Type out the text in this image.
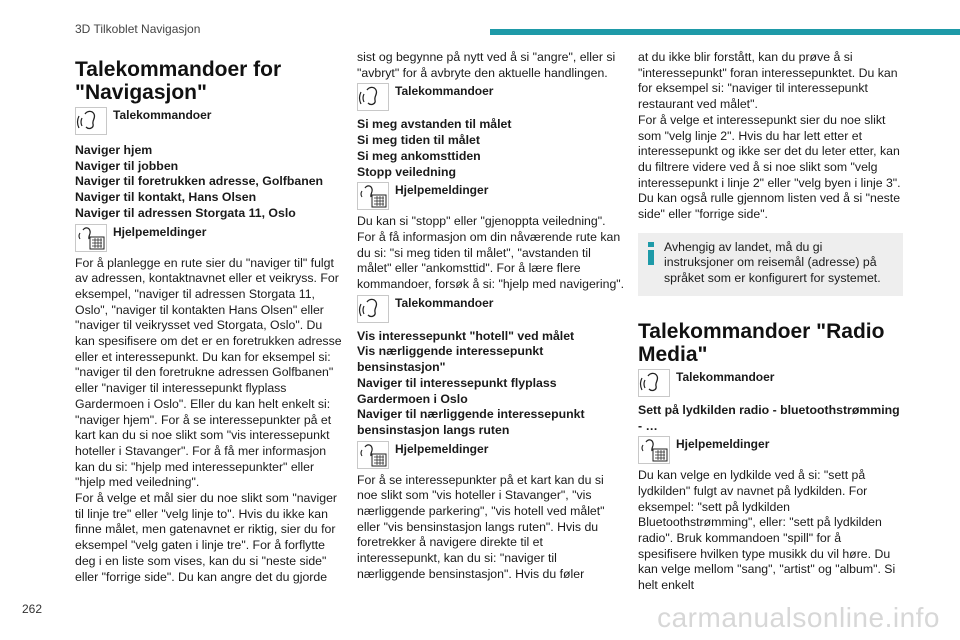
3D Tilkoblet Navigasjon
Talekommandoer for "Navigasjon"
Talekommandoer

Naviger hjem

Naviger til jobben

Naviger til foretrukken adresse, Golfbanen

Naviger til kontakt, Hans Olsen

Naviger til adressen Storgata 11, Oslo

Hjelpemeldinger

For å planlegge en rute sier du "naviger til" fulgt av adressen, kontaktnavnet eller et veikryss. For eksempel, "naviger til adressen Storgata 11, Oslo", "naviger til kontakten Hans Olsen" eller "naviger til veikrysset ved Storgata, Oslo". Du kan spesifisere om det er en foretrukken adresse eller et interessepunkt. Du kan for eksempel si: "naviger til den foretrukne adressen Golfbanen" eller "naviger til interessepunkt flyplass Gardermoen i Oslo". Eller du kan helt enkelt si: "naviger hjem". For å se interessepunkter på et kart kan du si noe slikt som "vis interessepunkt hoteller i Stavanger". For å få mer informasjon kan du si: "hjelp med interessepunkter" eller "hjelp med veiledning".

For å velge et mål sier du noe slikt som "naviger til linje tre" eller "velg linje to". Hvis du ikke kan finne målet, men gatenavnet er riktig, sier du for eksempel "velg gaten i linje tre". For å forflytte deg i en liste som vises, kan du si "neste side" eller "forrige side". Du kan angre det du gjorde

sist og begynne på nytt ved å si "angre", eller si "avbryt" for å avbryte den aktuelle handlingen.

Talekommandoer

Si meg avstanden til målet

Si meg tiden til målet

Si meg ankomsttiden

Stopp veiledning

Hjelpemeldinger

Du kan si "stopp" eller "gjenoppta veiledning". For å få informasjon om din nåværende rute kan du si: "si meg tiden til målet", "avstanden til målet" eller "ankomsttid". For å lære flere kommandoer, forsøk å si: "hjelp med navigering".

Talekommandoer

Vis interessepunkt "hotell" ved målet

Vis nærliggende interessepunkt bensinstasjon"

Naviger til interessepunkt flyplass Gardermoen i Oslo

Naviger til nærliggende interessepunkt bensinstasjon langs ruten

Hjelpemeldinger

For å se interessepunkter på et kart kan du si noe slikt som "vis hoteller i Stavanger", "vis nærliggende parkering", "vis hotell ved målet" eller "vis bensinstasjon langs ruten". Hvis du foretrekker å navigere direkte til et interessepunkt, kan du si: "naviger til nærliggende bensinstasjon". Hvis du føler

at du ikke blir forstått, kan du prøve å si "interessepunkt" foran interessepunktet. Du kan for eksempel si: "naviger til interessepunkt restaurant ved målet".

For å velge et interessepunkt sier du noe slikt som "velg linje 2". Hvis du har lett etter et interessepunkt og ikke ser det du leter etter, kan du filtrere videre ved å si noe slikt som "velg interessepunkt i linje 2" eller "velg byen i linje 3". Du kan også rulle gjennom listen ved å si "neste side" eller "forrige side".

Avhengig av landet, må du gi instruksjoner om reisemål (adresse) på språket som er konfigurert for systemet.

Talekommandoer "Radio Media"
Talekommandoer

Sett på lydkilden radio - bluetoothstrømming - …

Hjelpemeldinger

Du kan velge en lydkilde ved å si: "sett på lydkilden" fulgt av navnet på lydkilden. For eksempel: "sett på lydkilden Bluetoothstrømming", eller: "sett på lydkilden radio". Bruk kommandoen "spill" for å spesifisere hvilken type musikk du vil høre. Du kan velge mellom "sang", "artist" og "album". Si helt enkelt

262	carmanualsonline.info
